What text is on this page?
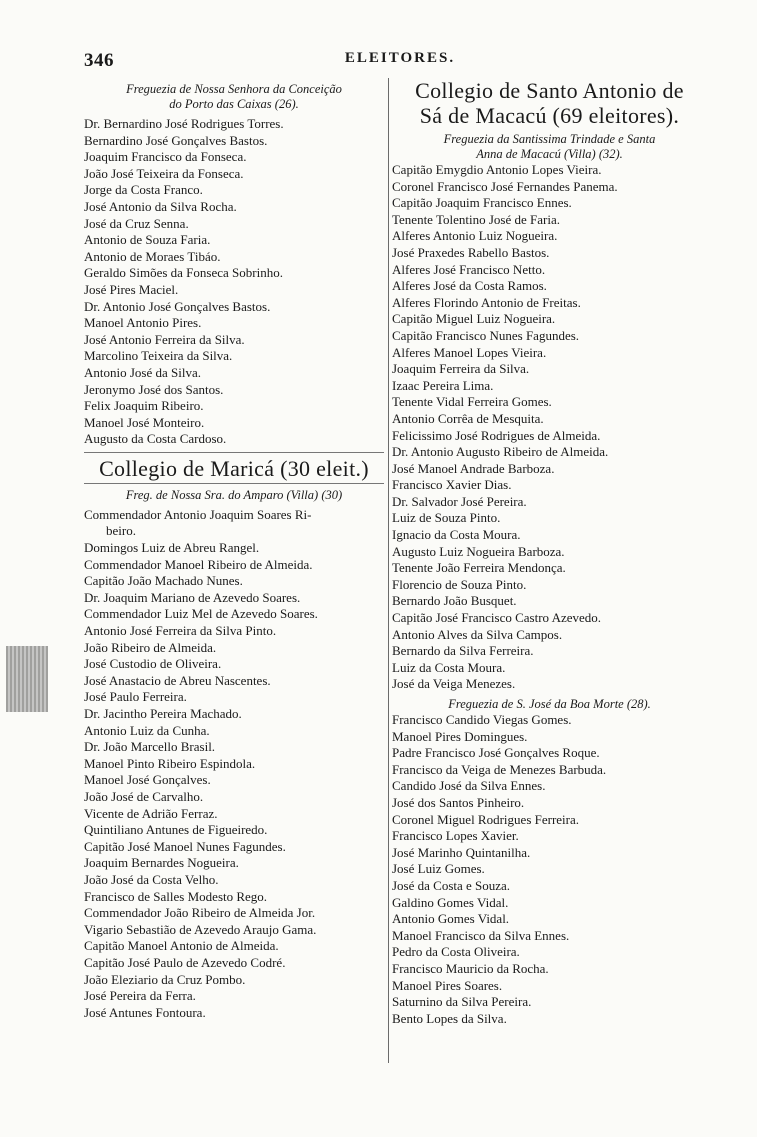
346	ELEITORES.
Freguezia de Nossa Senhora da Conceição
do Porto das Caixas (26).
Dr. Bernardino José Rodrigues Torres.
Bernardino José Gonçalves Bastos.
Joaquim Francisco da Fonseca.
João José Teixeira da Fonseca.
Jorge da Costa Franco.
José Antonio da Silva Rocha.
José da Cruz Senna.
Antonio de Souza Faria.
Antonio de Moraes Tibáo.
Geraldo Simões da Fonseca Sobrinho.
José Pires Maciel.
Dr. Antonio José Gonçalves Bastos.
Manoel Antonio Pires.
José Antonio Ferreira da Silva.
Marcolino Teixeira da Silva.
Antonio José da Silva.
Jeronymo José dos Santos.
Felix Joaquim Ribeiro.
Manoel José Monteiro.
Augusto da Costa Cardoso.
Collegio de Maricá (30 eleit.)
Freg. de Nossa Sra. do Amparo (Villa) (30)
Commendador Antonio Joaquim Soares Ri-
beiro.
Domingos Luiz de Abreu Rangel.
Commendador Manoel Ribeiro de Almeida.
Capitão João Machado Nunes.
Dr. Joaquim Mariano de Azevedo Soares.
Commendador Luiz Mel de Azevedo Soares.
Antonio José Ferreira da Silva Pinto.
João Ribeiro de Almeida.
José Custodio de Oliveira.
José Anastacio de Abreu Nascentes.
José Paulo Ferreira.
Dr. Jacintho Pereira Machado.
Antonio Luiz da Cunha.
Dr. João Marcello Brasil.
Manoel Pinto Ribeiro Espindola.
Manoel José Gonçalves.
João José de Carvalho.
Vicente de Adrião Ferraz.
Quintiliano Antunes de Figueiredo.
Capitão José Manoel Nunes Fagundes.
Joaquim Bernardes Nogueira.
João José da Costa Velho.
Francisco de Salles Modesto Rego.
Commendador João Ribeiro de Almeida Jor.
Vigario Sebastião de Azevedo Araujo Gama.
Capitão Manoel Antonio de Almeida.
Capitão José Paulo de Azevedo Codré.
João Eleziario da Cruz Pombo.
José Pereira da Ferra.
José Antunes Fontoura.
Collegio de Santo Antonio de
Sá de Macacú (69 eleitores).
Freguezia da Santissima Trindade e Santa
Anna de Macacú (Villa) (32).
Capitão Emygdio Antonio Lopes Vieira.
Coronel Francisco José Fernandes Panema.
Capitão Joaquim Francisco Ennes.
Tenente Tolentino José de Faria.
Alferes Antonio Luiz Nogueira.
José Praxedes Rabello Bastos.
Alferes José Francisco Netto.
Alferes José da Costa Ramos.
Alferes Florindo Antonio de Freitas.
Capitão Miguel Luiz Nogueira.
Capitão Francisco Nunes Fagundes.
Alferes Manoel Lopes Vieira.
Joaquim Ferreira da Silva.
Izaac Pereira Lima.
Tenente Vidal Ferreira Gomes.
Antonio Corrêa de Mesquita.
Felicissimo José Rodrigues de Almeida.
Dr. Antonio Augusto Ribeiro de Almeida.
José Manoel Andrade Barboza.
Francisco Xavier Dias.
Dr. Salvador José Pereira.
Luiz de Souza Pinto.
Ignacio da Costa Moura.
Augusto Luiz Nogueira Barboza.
Tenente João Ferreira Mendonça.
Florencio de Souza Pinto.
Bernardo João Busquet.
Capitão José Francisco Castro Azevedo.
Antonio Alves da Silva Campos.
Bernardo da Silva Ferreira.
Luiz da Costa Moura.
José da Veiga Menezes.
Freguezia de S. José da Boa Morte (28).
Francisco Candido Viegas Gomes.
Manoel Pires Domingues.
Padre Francisco José Gonçalves Roque.
Francisco da Veiga de Menezes Barbuda.
Candido José da Silva Ennes.
José dos Santos Pinheiro.
Coronel Miguel Rodrigues Ferreira.
Francisco Lopes Xavier.
José Marinho Quintanilha.
José Luiz Gomes.
José da Costa e Souza.
Galdino Gomes Vidal.
Antonio Gomes Vidal.
Manoel Francisco da Silva Ennes.
Pedro da Costa Oliveira.
Francisco Mauricio da Rocha.
Manoel Pires Soares.
Saturnino da Silva Pereira.
Bento Lopes da Silva.
